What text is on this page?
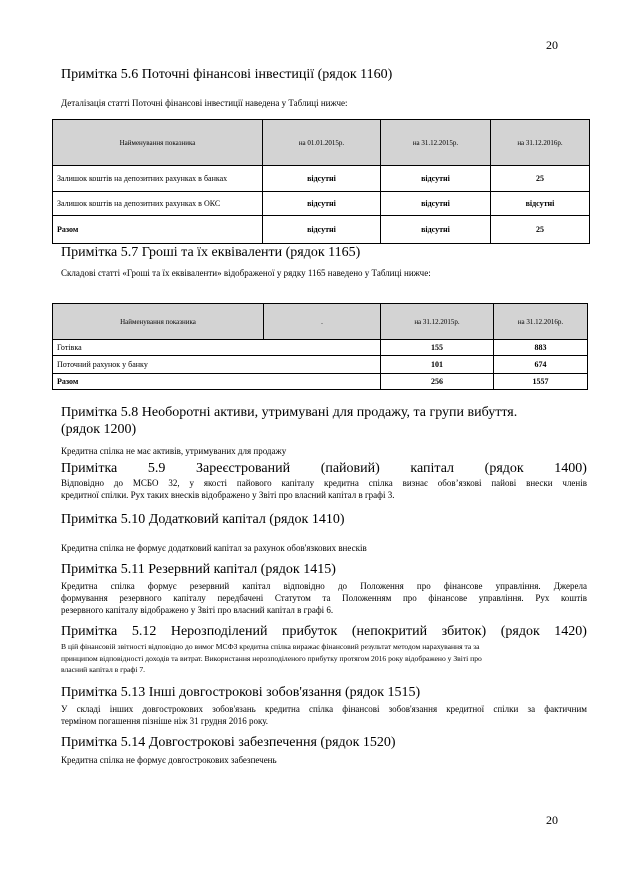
20
Примітка 5.6 Поточні фінансові інвестиції (рядок 1160)
Деталізація статті Поточні фінансові інвестиції наведена у Таблиці нижче:
Найменування показника	на 01.01.2015р.	на 31.12.2015р.	на 31.12.2016р.
Залишок коштів на депозитних рахунках в банках	відсутні	відсутні	25
Залишок коштів на депозитних рахунках в ОКС	відсутні	відсутні	відсутні
Разом	відсутні	відсутні	25
Примітка 5.7 Гроші та їх еквіваленти (рядок 1165)
Складові статті «Гроші та їх еквіваленти» відображеної у рядку 1165 наведено у Таблиці нижче:
Найменування показника	.	на 31.12.2015р.	на 31.12.2016р.
Готівка		155	883
Поточний рахунок у банку		101	674
Разом		256	1557
Примітка 5.8 Необоротні активи, утримувані для продажу, та групи вибуття.
(рядок 1200)
Кредитна спілка не має активів, утримуваних для продажу
Примітка 5.9 Зареєстрований (пайовий) капітал (рядок 1400)
Відповідно до МСБО 32, у якості пайового капіталу кредитна спілка визнає обов’язкові пайові внески членів
кредитної спілки. Рух таких внесків відображено у Звіті про власний капітал в графі 3.
Примітка 5.10 Додатковий капітал (рядок 1410)
Кредитна спілка не формує додатковий капітал за рахунок обов'язкових внесків
Примітка 5.11 Резервний капітал (рядок 1415)
Кредитна спілка формує резервний капітал відповідно до Положення про фінансове управління. Джерела
формування резервного капіталу передбачені Статутом та Положенням про фінансове управління. Рух коштів
резервного капіталу відображено у Звіті про власний капітал в графі 6.
Примітка 5.12 Нерозподілений прибуток (непокритий збиток) (рядок 1420)
В цій фінансовій звітності відповідно до вимог МСФЗ кредитна спілка виражає фінансовий результат методом нарахування та за
принципом відповідності доходів та витрат. Використання нерозподіленого прибутку протягом 2016 року відображено у Звіті про
власний капітал в графі 7.
Примітка 5.13 Інші довгострокові зобов'язання (рядок 1515)
У складі інших довгострокових зобов'язань кредитна спілка фінансові зобов'язання кредитної спілки за фактичним
терміном погашення пізніше ніж 31 грудня 2016 року.
Примітка 5.14 Довгострокові забезпечення (рядок 1520)
Кредитна спілка не формує довгострокових забезпечень
20
